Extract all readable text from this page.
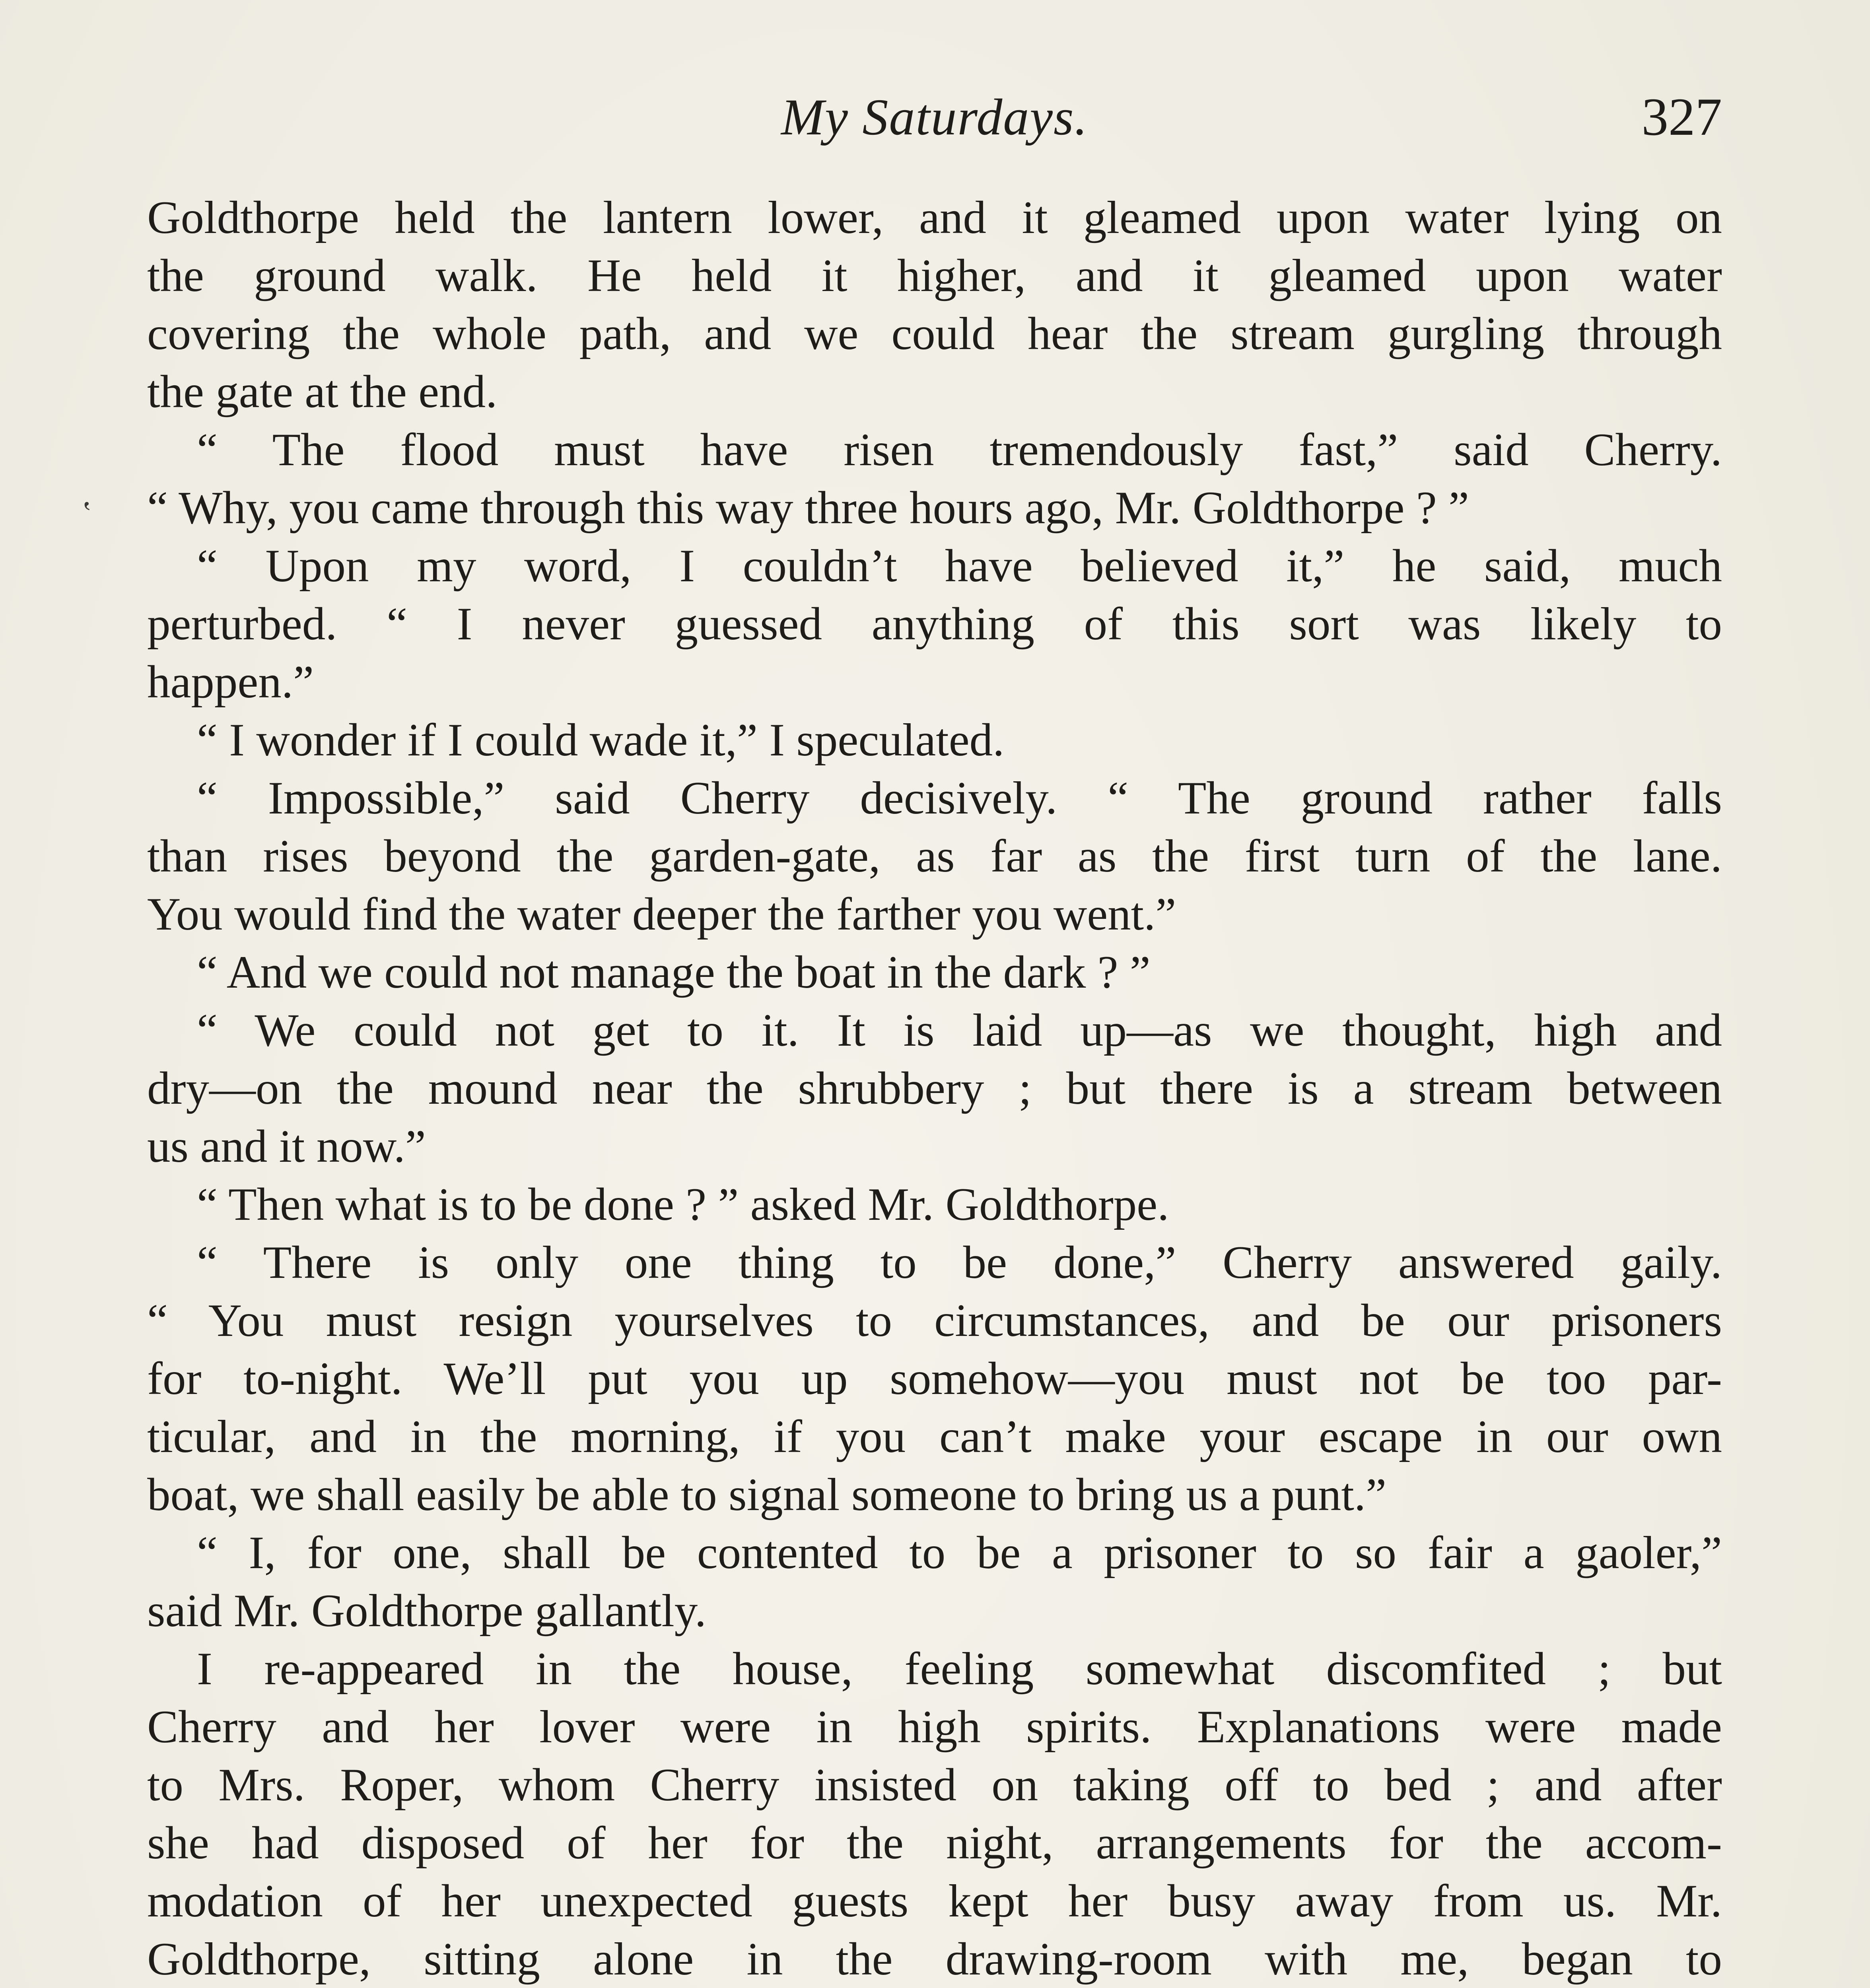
My Saturdays.	327
ʽ
Goldthorpe held the lantern lower, and it gleamed upon water lying on
the ground walk. He held it higher, and it gleamed upon water
covering the whole path, and we could hear the stream gurgling through
the gate at the end.
“ The flood must have risen tremendously fast,” said Cherry.
“ Why, you came through this way three hours ago, Mr. Goldthorpe ? ”
“ Upon my word, I couldn’t have believed it,” he said, much
perturbed. “ I never guessed anything of this sort was likely to
happen.”
“ I wonder if I could wade it,” I speculated.
“ Impossible,” said Cherry decisively. “ The ground rather falls
than rises beyond the garden-gate, as far as the first turn of the lane.
You would find the water deeper the farther you went.”
“ And we could not manage the boat in the dark ? ”
“ We could not get to it. It is laid up—as we thought, high and
dry—on the mound near the shrubbery ; but there is a stream between
us and it now.”
“ Then what is to be done ? ” asked Mr. Goldthorpe.
“ There is only one thing to be done,” Cherry answered gaily.
“ You must resign yourselves to circumstances, and be our prisoners
for to-night. We’ll put you up somehow—you must not be too par-
ticular, and in the morning, if you can’t make your escape in our own
boat, we shall easily be able to signal someone to bring us a punt.”
“ I, for one, shall be contented to be a prisoner to so fair a gaoler,”
said Mr. Goldthorpe gallantly.
I re-appeared in the house, feeling somewhat discomfited ; but
Cherry and her lover were in high spirits. Explanations were made
to Mrs. Roper, whom Cherry insisted on taking off to bed ; and after
she had disposed of her for the night, arrangements for the accom-
modation of her unexpected guests kept her busy away from us. Mr.
Goldthorpe, sitting alone in the drawing-room with me, began to
